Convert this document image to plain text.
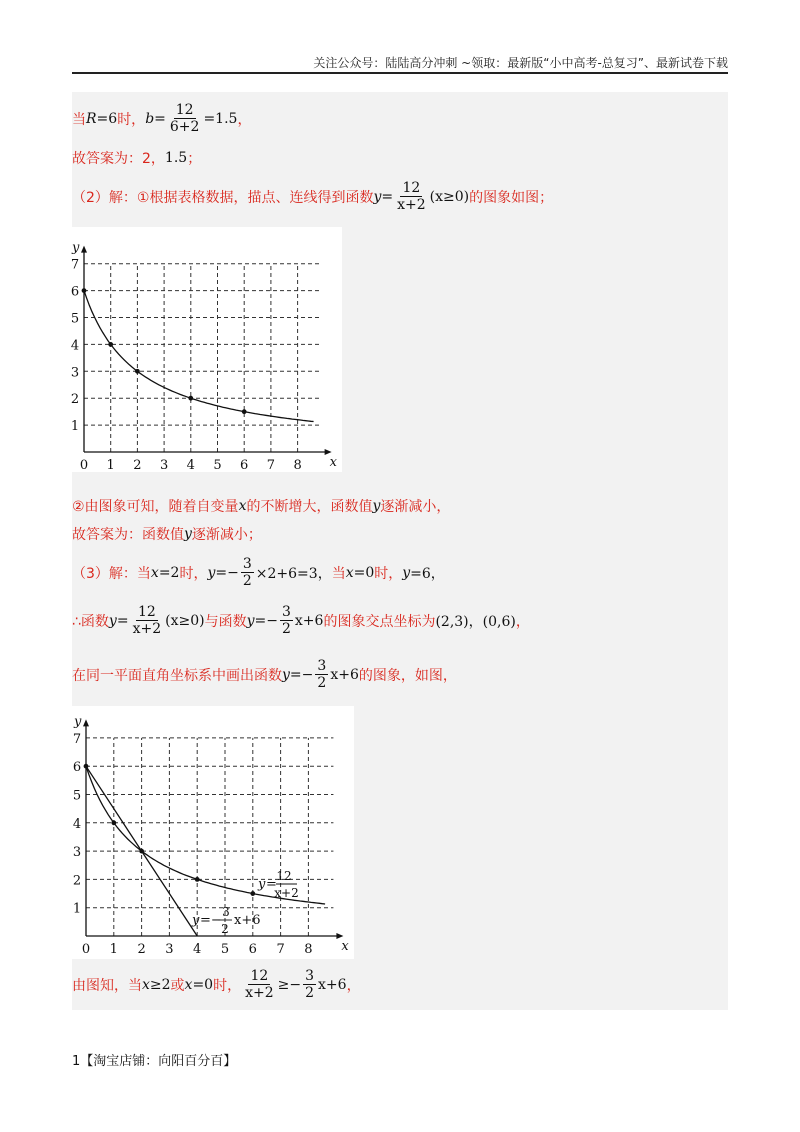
关注公众号：陆陆高分冲刺 ~领取：最新版“小中高考-总复习”、最新试卷下载
当 R =6 时， $b = \frac{12}{6+2} =1.5$ ，
故答案为：2， 1.5 ；
（2）解：①根据表格数据，描点、连线得到函数 $y = \frac{12}{x+2} (x\ge 0)$ 的图象如图；
0 1 2 3 4 5 6 7 8
1
2
3
4
5
6
7
x
y
②由图象可知，随着自变量 x 的不断增大，函数值 y 逐渐减小，
故答案为：函数值 y 逐渐减小；
（3）解：当 x =2 时， $y =- \frac{3}{2} \times 2+6=3$， 当 x =0 时， y =6，
∴函数 $y = \frac{12}{x+2} (x\ge 0)$ 与函数 $y =- \frac{3}{2} x+6$ 的图象交点坐标为 (2,3)，(0,6) ，
在同一平面直角坐标系中画出函数 $y =- \frac{3}{2} x+6$ 的图象，如图，
0 1 2 3 4 5 6 7 8
1
2
3
4
5
6
7
x
y
y =
12
x+2
y =−
3
2
x+6
由图知，当 x ≥2 或 x =0 时， $\frac{12}{x+2} \ge- \frac{3}{2} x+6$ ，
1【淘宝店铺：向阳百分百】
